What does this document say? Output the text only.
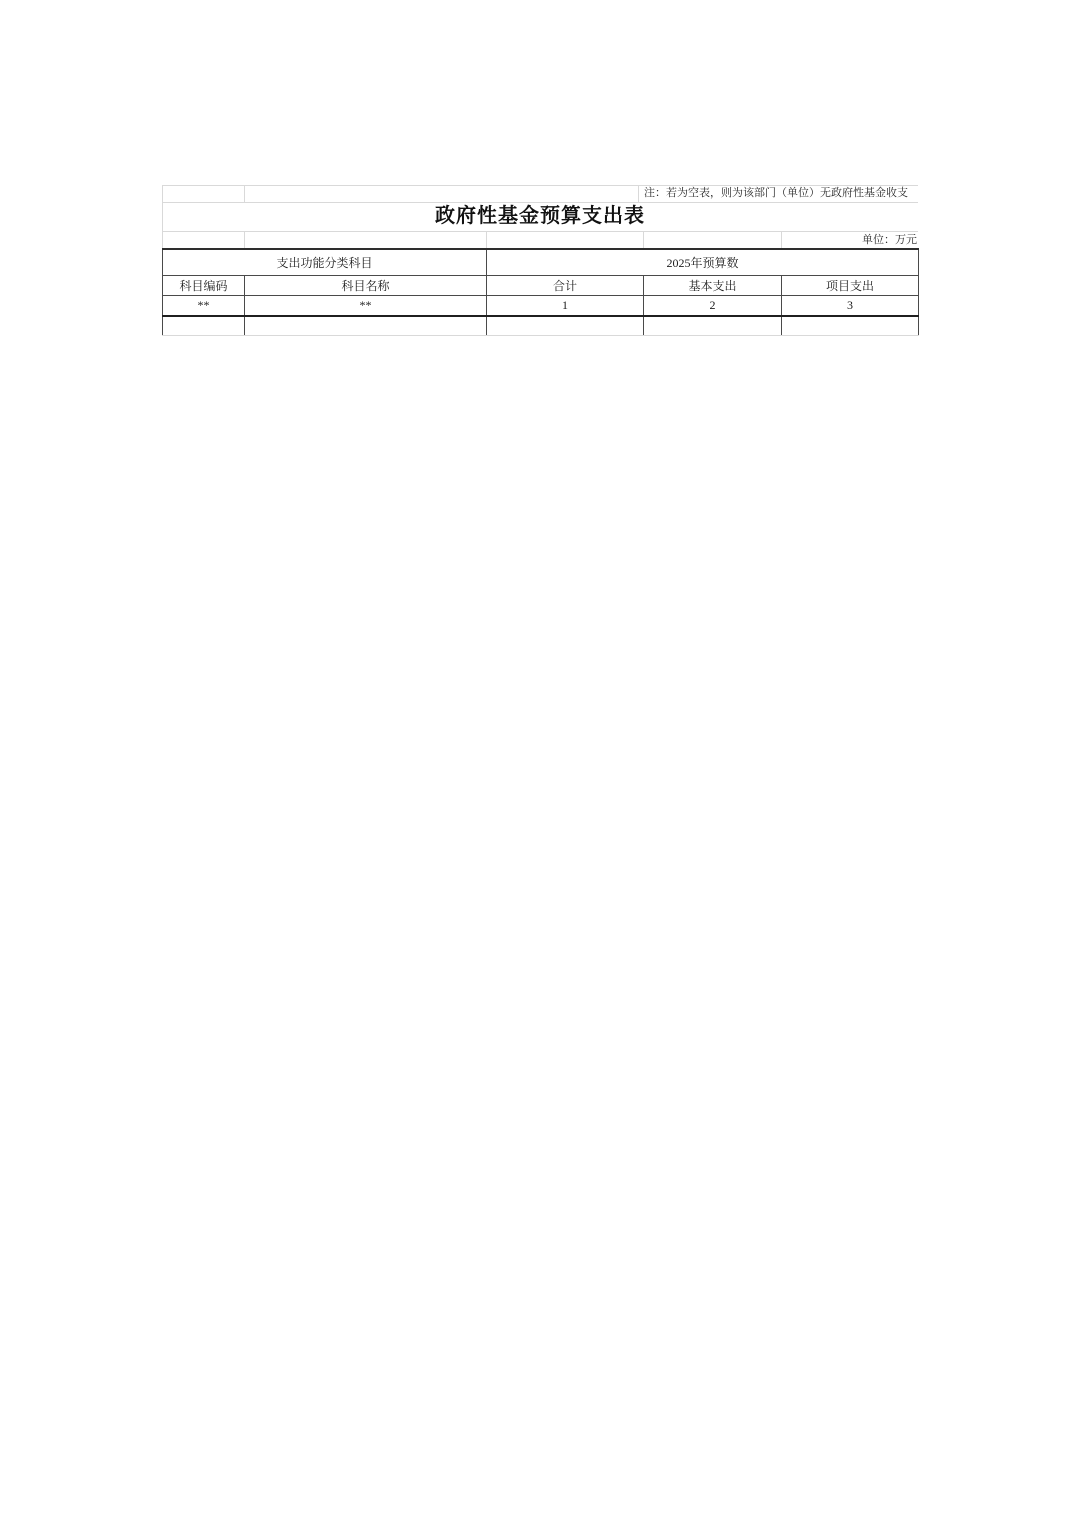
注：若为空表，则为该部门（单位）无政府性基金收支
政府性基金预算支出表
单位：万元
支出功能分类科目		2025年预算数		
科目编码	科目名称	合计	基本支出	项目支出
**	**	1	2	3
